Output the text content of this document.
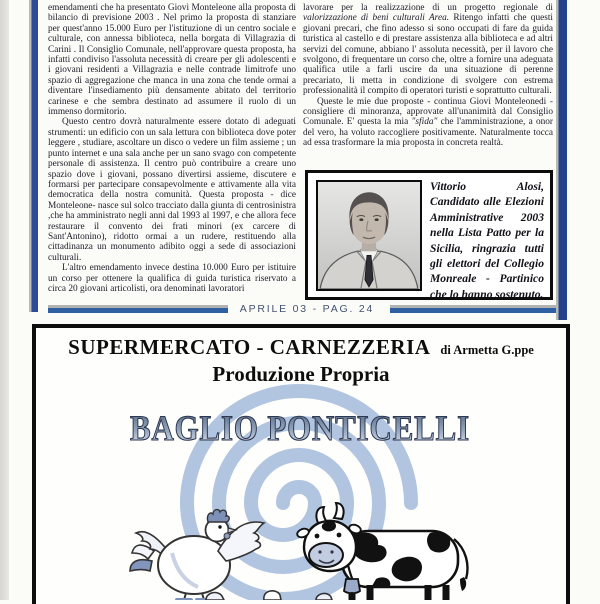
emendamenti che ha presentato Giovì Monteleone alla proposta di bilancio di previsione 2003 . Nel primo la proposta di stanziare per quest'anno 15.000 Euro per l'istituzione di un centro sociale e culturale, con annessa biblioteca, nella borgata di Villagrazia di Carini . Il Consiglio Comunale, nell'approvare questa proposta, ha infatti condiviso l'assoluta necessità di creare per gli adolescenti e i giovani residenti a Villagrazia e nelle contrade limitrofe uno spazio di aggregazione che manca in una zona che tende ormai a diventare l'insediamento più densamente abitato del territorio carinese e che sembra destinato ad assumere il ruolo di un immenso dormitorio.

Questo centro dovrà naturalmente essere dotato di adeguati strumenti: un edificio con un sala lettura con biblioteca dove poter leggere , studiare, ascoltare un disco o vedere un film assieme ; un punto internet e una sala anche per un sano svago con competente personale di assistenza. Il centro può contribuire a creare uno spazio dove i giovani, possano divertirsi assieme, discutere e formarsi per partecipare consapevolmente e attivamente alla vita democratica della nostra comunità. Questa proposta - dice Monteleone- nasce sul solco tracciato dalla giunta di centrosinistra ,che ha amministrato negli anni dal 1993 al 1997, e che allora fece restaurare il convento dei frati minori (ex carcere di Sant'Antonino), ridotto ormai a un rudere, restituendo alla cittadinanza un monumento adibito oggi a sede di associazioni culturali.

L'altro emendamento invece destina 10.000 Euro per istituire un corso per ottenere la qualifica di guida turistica riservato a circa 20 giovani articolisti, ora denominati lavoratori

lavorare per la realizzazione di un progetto regionale di valorizzazione di beni culturali Area. Ritengo infatti che questi giovani precari, che fino adesso si sono occupati di fare da guida turistica al castello e di prestare assistenza alla biblioteca e ad altri servizi del comune, abbiano l' assoluta necessità, per il lavoro che svolgono, di frequentare un corso che, oltre a fornire una adeguata qualifica utile a farli uscire da una situazione di perenne precariato, li metta in condizione di svolgere con estrema professionalità il compito di operatori turisti e soprattutto culturali.

Queste le mie due proposte - continua Giovì Monteleonedi - consigliere di minoranza, approvate all'unanimità dal Consiglio Comunale. E' questa la mia "sfida" che l'amministrazione, a onor del vero, ha voluto raccogliere positivamente. Naturalmente tocca ad essa trasformare la mia proposta in concreta realtà.

Vittorio Alosi, Candidato alle Elezioni Amministrative 2003 nella Lista Patto per la Sicilia, ringrazia tutti gli elettori del Collegio Monreale - Partinico che lo hanno sostenuto.
APRILE 03 - PAG. 24
SUPERMERCATO - CARNEZZERIA di Armetta G.ppe
Produzione Propria
BAGLIO PONTICELLI
